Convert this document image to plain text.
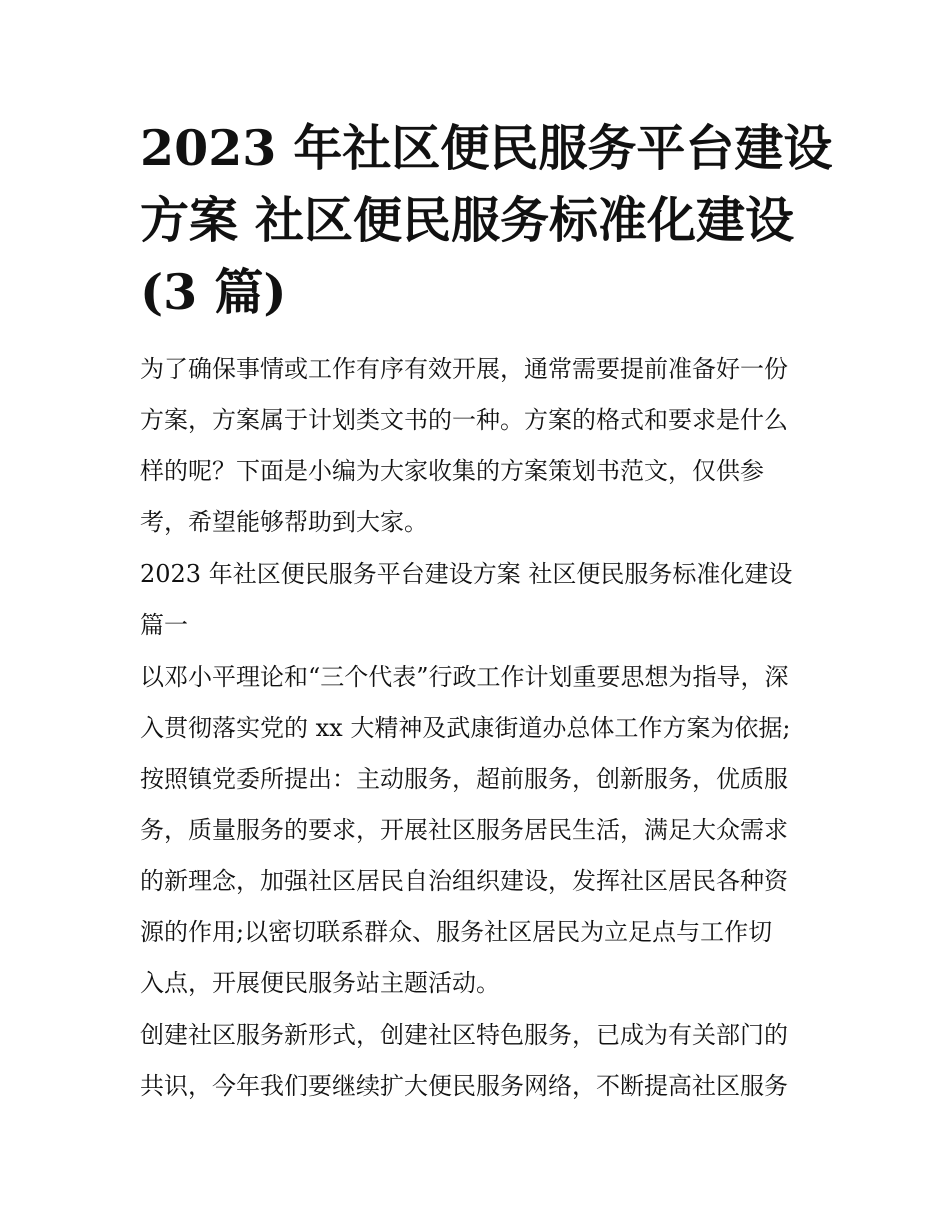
2023 年社区便民服务平台建设
方案 社区便民服务标准化建设
(3 篇)

为了确保事情或工作有序有效开展，通常需要提前准备好一份
方案，方案属于计划类文书的一种。方案的格式和要求是什么
样的呢？下面是小编为大家收集的方案策划书范文，仅供参
考，希望能够帮助到大家。

2023 年社区便民服务平台建设方案 社区便民服务标准化建设
篇一

以邓小平理论和“三个代表”行政工作计划重要思想为指导，深
入贯彻落实党的 xx 大精神及武康街道办总体工作方案为依据;
按照镇党委所提出：主动服务，超前服务，创新服务，优质服
务，质量服务的要求，开展社区服务居民生活，满足大众需求
的新理念，加强社区居民自治组织建设，发挥社区居民各种资
源的作用;以密切联系群众、服务社区居民为立足点与工作切
入点，开展便民服务站主题活动。

创建社区服务新形式，创建社区特色服务，已成为有关部门的
共识，今年我们要继续扩大便民服务网络，不断提高社区服务
